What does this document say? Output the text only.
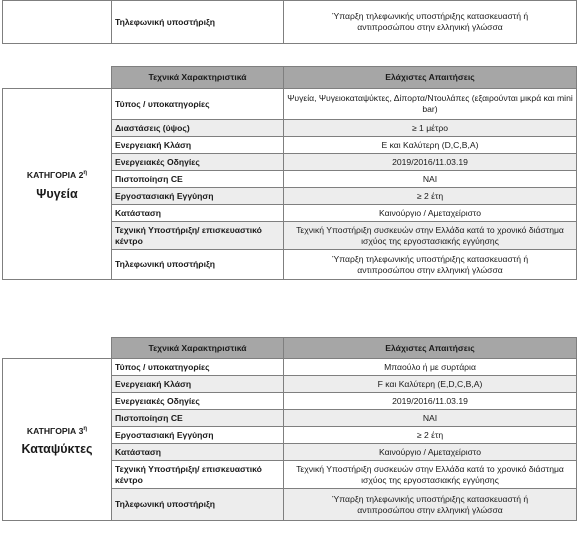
	Τηλεφωνική υποστήριξη	Ύπαρξη τηλεφωνικής υποστήριξης κατασκευαστή ή αντιπροσώπου στην ελληνική γλώσσα
	Τεχνικά Χαρακτηριστικά	Ελάχιστες Απαιτήσεις

ΚΑΤΗΓΟΡΙΑ $2^\eta$
Ψυγεία	Τύπος / υποκατηγορίες	Ψυγεία, Ψυγειοκαταψύκτες, Δίπορτα/Ντουλάπες (εξαιρούνται μικρά και mini bar)
	Διαστάσεις (ύψος)	≥ 1 μέτρο
	Ενεργειακή Κλάση	E και Καλύτερη (D,C,B,A)
	Ενεργειακές Οδηγίες	2019/2016/11.03.19
	Πιστοποίηση CE	ΝΑΙ
	Εργοστασιακή Εγγύηση	≥ 2 έτη
	Κατάσταση	Καινούργιο / Αμεταχείριστο
	Τεχνική Υποστήριξη/ επισκευαστικό κέντρο	Τεχνική Υποστήριξη συσκευών στην Ελλάδα κατά το χρονικό διάστημα ισχύος της εργοστασιακής εγγύησης
	Τηλεφωνική υποστήριξη	Ύπαρξη τηλεφωνικής υποστήριξης κατασκευαστή ή αντιπροσώπου στην ελληνική γλώσσα
	Τεχνικά Χαρακτηριστικά	Ελάχιστες Απαιτήσεις

ΚΑΤΗΓΟΡΙΑ $3^\eta$
Καταψύκτες	Τύπος / υποκατηγορίες	Μπαούλο ή με συρτάρια
	Ενεργειακή Κλάση	F και Καλύτερη (E,D,C,B,A)
	Ενεργειακές Οδηγίες	2019/2016/11.03.19
	Πιστοποίηση CE	ΝΑΙ
	Εργοστασιακή Εγγύηση	≥ 2 έτη
	Κατάσταση	Καινούργιο / Αμεταχείριστο
	Τεχνική Υποστήριξη/ επισκευαστικό κέντρο	Τεχνική Υποστήριξη συσκευών στην Ελλάδα κατά το χρονικό διάστημα ισχύος της εργοστασιακής εγγύησης
	Τηλεφωνική υποστήριξη	Ύπαρξη τηλεφωνικής υποστήριξης κατασκευαστή ή αντιπροσώπου στην ελληνική γλώσσα
